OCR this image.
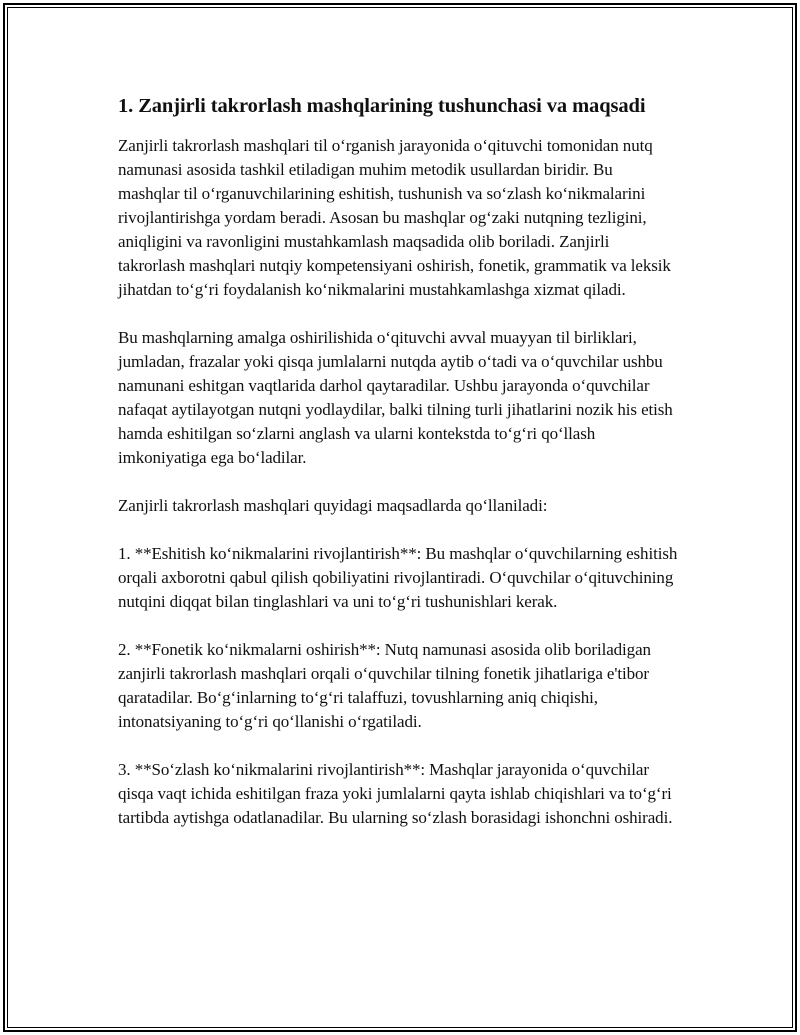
1. Zanjirli takrorlash mashqlarining tushunchasi va maqsadi

Zanjirli takrorlash mashqlari til o‘rganish jarayonida o‘qituvchi tomonidan nutq namunasi asosida tashkil etiladigan muhim metodik usullardan biridir. Bu mashqlar til o‘rganuvchilarining eshitish, tushunish va so‘zlash ko‘nikmalarini rivojlantirishga yordam beradi. Asosan bu mashqlar og‘zaki nutqning tezligini, aniqligini va ravonligini mustahkamlash maqsadida olib boriladi. Zanjirli takrorlash mashqlari nutqiy kompetensiyani oshirish, fonetik, grammatik va leksik jihatdan to‘g‘ri foydalanish ko‘nikmalarini mustahkamlashga xizmat qiladi.

Bu mashqlarning amalga oshirilishida o‘qituvchi avval muayyan til birliklari, jumladan, frazalar yoki qisqa jumlalarni nutqda aytib o‘tadi va o‘quvchilar ushbu namunani eshitgan vaqtlarida darhol qaytaradilar. Ushbu jarayonda o‘quvchilar nafaqat aytilayotgan nutqni yodlaydilar, balki tilning turli jihatlarini nozik his etish hamda eshitilgan so‘zlarni anglash va ularni kontekstda to‘g‘ri qo‘llash imkoniyatiga ega bo‘ladilar.

Zanjirli takrorlash mashqlari quyidagi maqsadlarda qo‘llaniladi:

1. **Eshitish ko‘nikmalarini rivojlantirish**: Bu mashqlar o‘quvchilarning eshitish orqali axborotni qabul qilish qobiliyatini rivojlantiradi. O‘quvchilar o‘qituvchining nutqini diqqat bilan tinglashlari va uni to‘g‘ri tushunishlari kerak.

2. **Fonetik ko‘nikmalarni oshirish**: Nutq namunasi asosida olib boriladigan zanjirli takrorlash mashqlari orqali o‘quvchilar tilning fonetik jihatlariga e'tibor qaratadilar. Bo‘g‘inlarning to‘g‘ri talaffuzi, tovushlarning aniq chiqishi, intonatsiyaning to‘g‘ri qo‘llanishi o‘rgatiladi.

3. **So‘zlash ko‘nikmalarini rivojlantirish**: Mashqlar jarayonida o‘quvchilar qisqa vaqt ichida eshitilgan fraza yoki jumlalarni qayta ishlab chiqishlari va to‘g‘ri tartibda aytishga odatlanadilar. Bu ularning so‘zlash borasidagi ishonchni oshiradi.
